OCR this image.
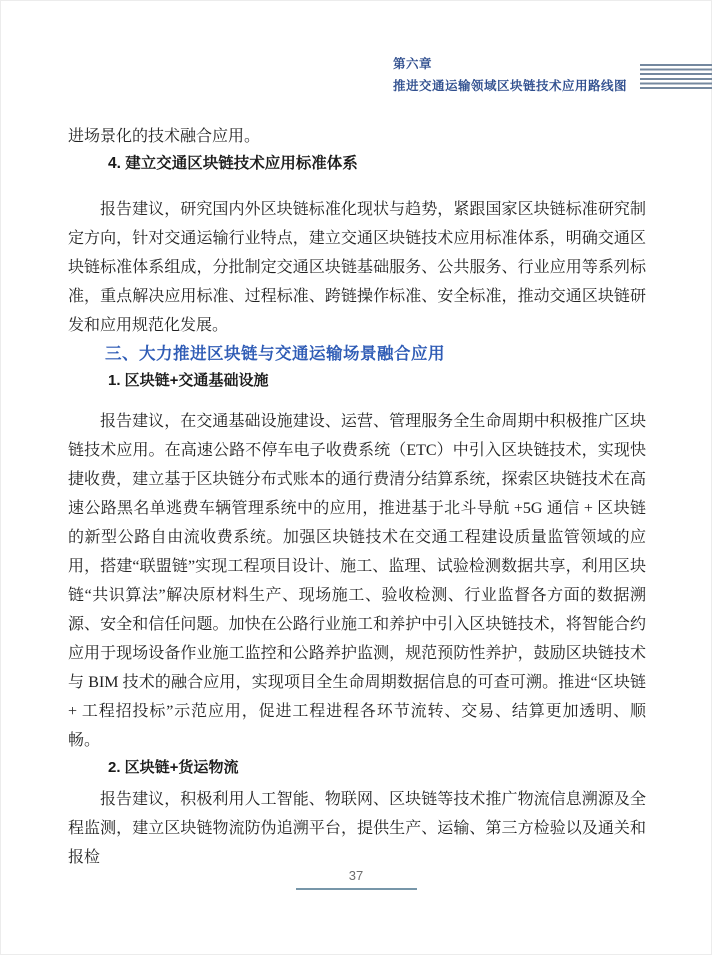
第六章
推进交通运输领域区块链技术应用路线图

进场景化的技术融合应用。

4. 建立交通区块链技术应用标准体系

报告建议，研究国内外区块链标准化现状与趋势，紧跟国家区块链标准研究制定方向，针对交通运输行业特点，建立交通区块链技术应用标准体系，明确交通区块链标准体系组成，分批制定交通区块链基础服务、公共服务、行业应用等系列标准，重点解决应用标准、过程标准、跨链操作标准、安全标准，推动交通区块链研发和应用规范化发展。

三、大力推进区块链与交通运输场景融合应用

1. 区块链+交通基础设施

报告建议，在交通基础设施建设、运营、管理服务全生命周期中积极推广区块链技术应用。在高速公路不停车电子收费系统（ETC）中引入区块链技术，实现快捷收费，建立基于区块链分布式账本的通行费清分结算系统，探索区块链技术在高速公路黑名单逃费车辆管理系统中的应用，推进基于北斗导航 +5G 通信 + 区块链的新型公路自由流收费系统。加强区块链技术在交通工程建设质量监管领域的应用，搭建“联盟链”实现工程项目设计、施工、监理、试验检测数据共享，利用区块链“共识算法”解决原材料生产、现场施工、验收检测、行业监督各方面的数据溯源、安全和信任问题。加快在公路行业施工和养护中引入区块链技术，将智能合约应用于现场设备作业施工监控和公路养护监测，规范预防性养护，鼓励区块链技术与 BIM 技术的融合应用，实现项目全生命周期数据信息的可查可溯。推进“区块链 + 工程招投标”示范应用，促进工程进程各环节流转、交易、结算更加透明、顺畅。

2. 区块链+货运物流

报告建议，积极利用人工智能、物联网、区块链等技术推广物流信息溯源及全程监测，建立区块链物流防伪追溯平台，提供生产、运输、第三方检验以及通关和报检

37
